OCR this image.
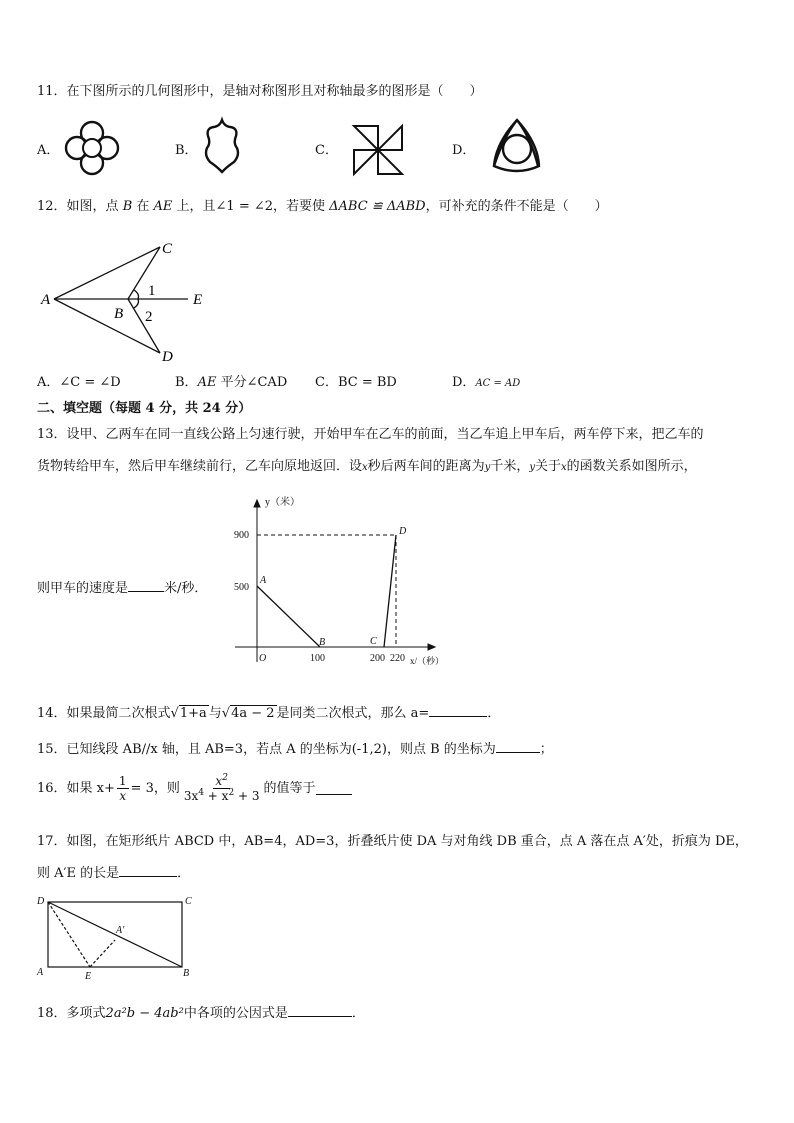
11．在下图所示的几何图形中，是轴对称图形且对称轴最多的图形是（　　）
A．	B．	C．	D．
12．如图，点 B 在 AE 上，且∠1 = ∠2，若要使 ΔABC ≌ ΔABD，可补充的条件不能是（　　）
A
B
C
D
E
1
2
A．∠C = ∠D	B．AE 平分∠CAD C．BC = BD	D．AC = AD
二、填空题（每题 4 分，共 24 分）
13．设甲、乙两车在同一直线公路上匀速行驶，开始甲车在乙车的前面，当乙车追上甲车后，两车停下来，把乙车的
货物转给甲车，然后甲车继续前行，乙车向原地返回．设x秒后两车间的距离为y千米，y关于x的函数关系如图所示，
则甲车的速度是	米/秒．
y（米）
900
500
100	200 220 x/（秒）
O
A
B	C
D
14．如果最简二次根式√1+a 与√4a − 2 是同类二次根式，那么 a=	．
15．已知线段 AB//x 轴，且 AB=3，若点 A 的坐标为(-1,2)，则点 B 的坐标为	；
16．如果 $x+ \frac{1}{x} = 3$，则 $\frac{x^2}{3x^4 + x^2 + 3}$ 的值等于
17．如图，在矩形纸片 ABCD 中，AB=4，AD=3，折叠纸片使 DA 与对角线 DB 重合，点 A 落在点 A′处，折痕为 DE，
则 A′E 的长是	．
D	C
A	B
E
A′
18．多项式2a²b − 4ab²中各项的公因式是	．
